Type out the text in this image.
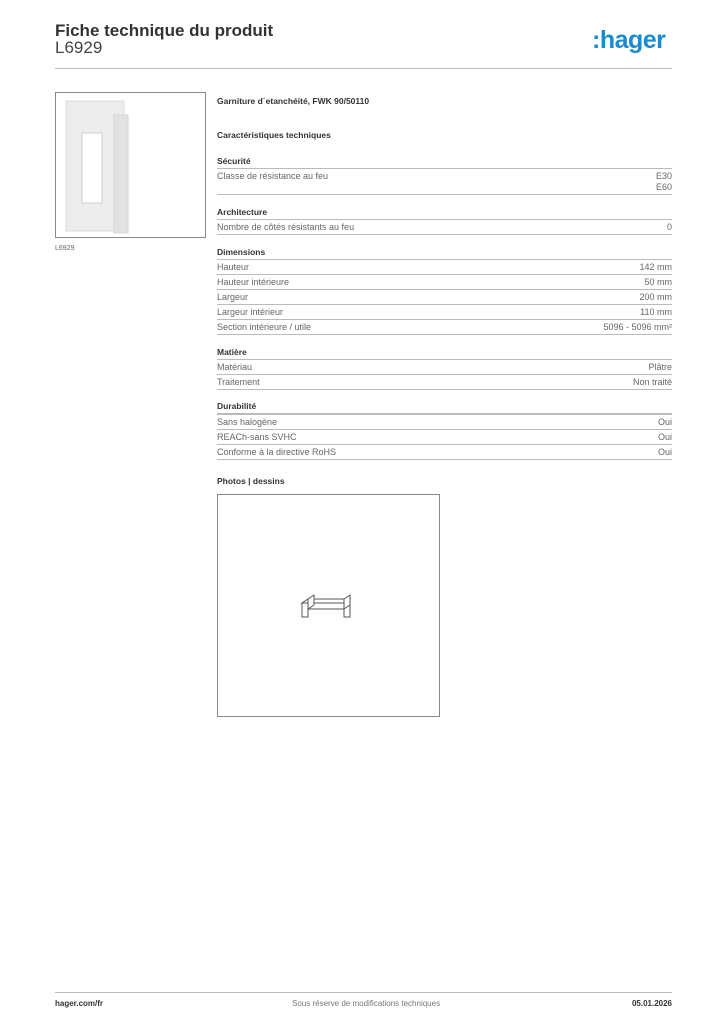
Fiche technique du produit
L6929	:hager
L6929
Garniture d´etanchéité, FWK 90/50110
Caractéristiques techniques
Sécurité
Classe de résistance au feu	E30
E60
Architecture
Nombre de côtés résistants au feu	0
Dimensions
Hauteur	142 mm
Hauteur intérieure	50 mm
Largeur	200 mm
Largeur intérieur	110 mm
Section intérieure / utile	5096 - 5096 mm²
Matière
Matériau	Plâtre
Traitement	Non traité
Durabilité
Sans halogène	Oui
REACh-sans SVHC	Oui
Conforme à la directive RoHS	Oui
Photos | dessins
hager.com/fr	Sous réserve de modifications techniques	05.01.2026
